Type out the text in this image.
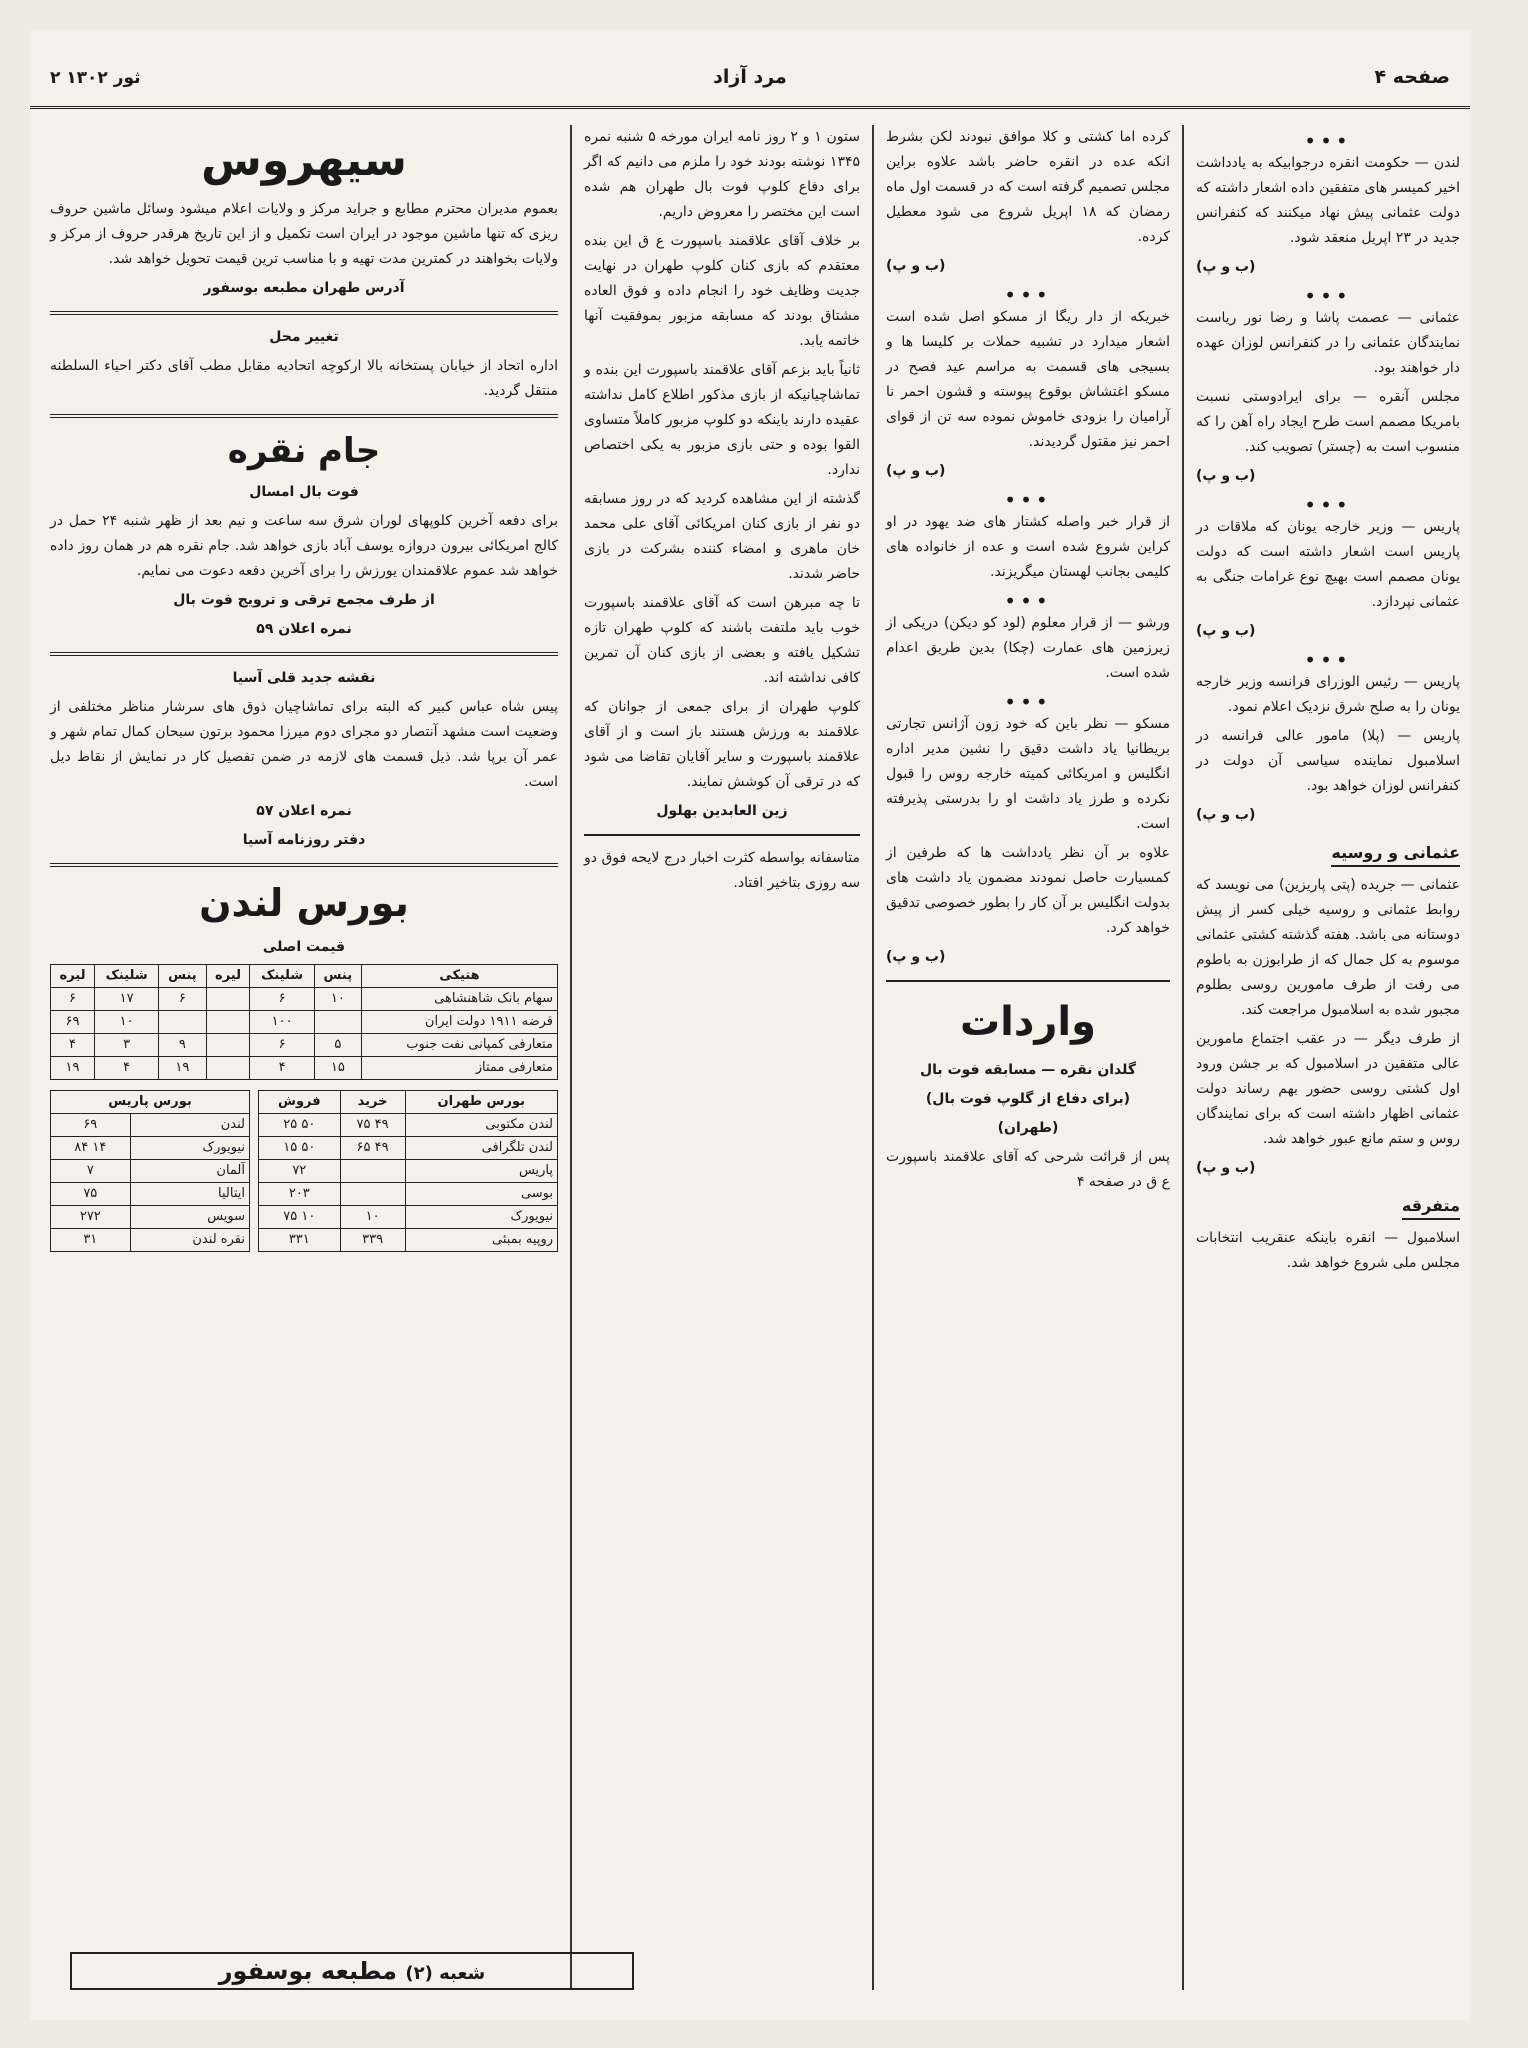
۲ ثور ۱۳۰۲	مرد آزاد	صفحه ۴
•••

لندن — حکومت انقره درجوابیکه به یادداشت اخیر کمیسر های متفقین داده اشعار داشته که دولت عثمانی پیش نهاد میکنند که کنفرانس جدید در ۲۳ اپریل منعقد شود.

(ب و پ)

•••

عثمانی — عصمت پاشا و رضا نور ریاست نمایندگان عثمانی را در کنفرانس لوزان عهده دار خواهند بود.

مجلس آنقره — برای ایرادوستی نسبت بامریکا مصمم است طرح ایجاد راه آهن را که منسوب است به (چستر) تصویب کند.

(ب و پ)

•••

پاریس — وزیر خارجه یونان که ملاقات در پاریس است اشعار داشته است که دولت یونان مصمم است بهیچ نوع غرامات جنگی به عثمانی نپردازد.

(ب و پ)

•••

پاریس — رئیس الوزرای فرانسه وزیر خارجه یونان را به صلح شرق نزدیک اعلام نمود.

پاریس — (پلا) مامور عالی فرانسه در اسلامبول نماینده سیاسی آن دولت در کنفرانس لوزان خواهد بود.

(ب و پ)

عثمانی و روسیه

عثمانی — جریده (پتی پاریزین) می نویسد که روابط عثمانی و روسیه خیلی کسر از پیش دوستانه می باشد. هفته گذشته کشتی عثمانی موسوم به کل جمال که از طرابوزن به باطوم می رفت از طرف مامورین روسی بطلوم مجبور شده به اسلامبول مراجعت کند.

از طرف دیگر — در عقب اجتماع مامورین عالی متفقین در اسلامبول که بر جشن ورود اول کشتی روسی حضور بهم رساند دولت عثمانی اظهار داشته است که برای نمایندگان روس و ستم مانع عبور خواهد شد.

(ب و پ)

متفرقه

اسلامبول — انقره باینکه عنقریب انتخابات مجلس ملی شروع خواهد شد.

کرده اما کشتی و کلا موافق نبودند لکن بشرط انکه عده در انقره حاضر باشد علاوه براین مجلس تصمیم گرفته است که در قسمت اول ماه رمضان که ۱۸ اپریل شروع می شود معطیل کرده.

(ب و پ)

•••

خبریکه از دار ریگا از مسکو اصل شده است اشعار میدارد در تشبیه حملات بر کلیسا ها و بسیجی های قسمت به مراسم عید فصح در مسکو اغتشاش بوقوع پیوسته و قشون احمر نا آرامیان را بزودی خاموش نموده سه تن از قوای احمر نیز مقتول گردیدند.

(ب و پ)

•••

از قرار خبر واصله کشتار های ضد یهود در او کراین شروع شده است و عده از خانواده های کلیمی بجانب لهستان میگریزند.

•••

ورشو — از قرار معلوم (لود کو دیکن) دریکی از زیرزمین های عمارت (چکا) بدین طریق اعدام شده است.

•••

مسکو — نظر باین که خود زون آژانس تجارتی بریطانیا یاد داشت دقیق را نشین مدیر اداره انگلیس و امریکائی کمیته خارجه روس را قبول نکرده و طرز یاد داشت او را بدرستی پذیرفته است.

علاوه بر آن نظر یادداشت ها که طرفین از کمسیارت حاصل نمودند مضمون یاد داشت های بدولت انگلیس بر آن کار را بطور خصوصی تدقیق خواهد کرد.

(ب و پ)

واردات

گلدان نقره — مسابقه فوت بال

(برای دفاع از گلوپ فوت بال)

(طهران)

پس از قرائت شرحی که آقای علاقمند باسپورت ع ق در صفحه ۴

ستون ۱ و ۲ روز نامه ایران مورخه ۵ شنبه نمره ۱۳۴۵ نوشته بودند خود را ملزم می دانیم که اگر برای دفاع کلوپ فوت بال طهران هم شده است این مختصر را معروض داریم.

بر خلاف آقای علاقمند باسپورت ع ق این بنده معتقدم که بازی کنان کلوپ طهران در نهایت جدیت وظایف خود را انجام داده و فوق العاده مشتاق بودند که مسابقه مزبور بموفقیت آنها خاتمه یابد.

ثانیاً باید بزعم آقای علاقمند باسپورت این بنده و تماشاچیانیکه از بازی مذکور اطلاع کامل نداشته عقیده دارند باینکه دو کلوپ مزبور کاملاً متساوی القوا بوده و حتی بازی مزبور به یکی اختصاص ندارد.

گذشته از این مشاهده کردید که در روز مسابقه دو نفر از بازی کنان امریکائی آقای علی محمد خان ماهری و امضاء کننده بشرکت در بازی حاضر شدند.

تا چه مبرهن است که آقای علاقمند باسپورت خوب باید ملتفت باشند که کلوپ طهران تازه تشکیل یافته و بعضی از بازی کنان آن تمرین کافی نداشته اند.

کلوپ طهران از برای جمعی از جوانان که علاقمند به ورزش هستند باز است و از آقای علاقمند باسپورت و سایر آقایان تقاضا می شود که در ترقی آن کوشش نمایند.

زین العابدین بهلول

متاسفانه بواسطه کثرت اخبار درج لایحه فوق دو سه روزی بتاخیر افتاد.

سیهروس

بعموم مدیران محترم مطابع و جراید مرکز و ولایات اعلام میشود وسائل ماشین حروف ریزی که تنها ماشین موجود در ایران است تکمیل و از این تاریخ هرقدر حروف از مرکز و ولایات بخواهند در کمترین مدت تهیه و با مناسب ترین قیمت تحویل خواهد شد.

آدرس طهران مطبعه بوسفور

تغییر محل

اداره اتحاد از خیابان پستخانه بالا ارکوچه اتحادیه مقابل مطب آقای دکتر احیاء السلطنه منتقل گردید.

جام نقره

فوت بال امسال

برای دفعه آخرین کلوپهای لوران شرق سه ساعت و نیم بعد از ظهر شنبه ۲۴ حمل در کالج امریکائی بیرون دروازه یوسف آباد بازی خواهد شد. جام نقره هم در همان روز داده خواهد شد عموم علاقمندان یورزش را برای آخرین دفعه دعوت می نمایم.

از طرف مجمع ترقی و ترویج فوت بال

نمره اعلان ۵۹

نقشه جدید قلی آسیا

پیس شاه عباس کبیر که البته برای تماشاچیان ذوق های سرشار مناظر مختلفی از وضعیت است مشهد آنتصار دو مجرای دوم میرزا محمود برتون سبحان کمال تمام شهر و عمر آن برپا شد. ذیل قسمت های لازمه در ضمن تفصیل کار در نمایش از نقاط دیل است.

نمره اعلان ۵۷

دفتر روزنامه آسیا

بورس لندن

قیمت اصلی

هتیکی	پنس	شلینک	لیره	پنس	شلینک	لیره
سهام بانک شاهنشاهی	۱۰	۶		۶	۱۷	۶
قرضه ۱۹۱۱ دولت ایران		۱۰۰			۱۰	۶۹
متعارفی کمپانی نفت جنوب	۵	۶		۹	۳	۴
متعارفی ممتاز	۱۵	۴		۱۹	۴	۱۹
بورس طهران	خرید	فروش
لندن مکتوبی	۴۹ ۷۵	۵۰ ۲۵
لندن تلگرافی	۴۹ ۶۵	۵۰ ۱۵
پاریس		۷۲
بوسی		۲۰۳
نیویورک	۱۰	۱۰ ۷۵
روپیه بمبئی	۳۳۹	۳۳۱
بورس پاریس	
لندن	۶۹
نیویورک	۱۴ ۸۴
آلمان	۷
ایتالیا	۷۵
سویس	۲۷۲
نقره لندن	۳۱
شعبه (۲) مطبعه بوسفور
